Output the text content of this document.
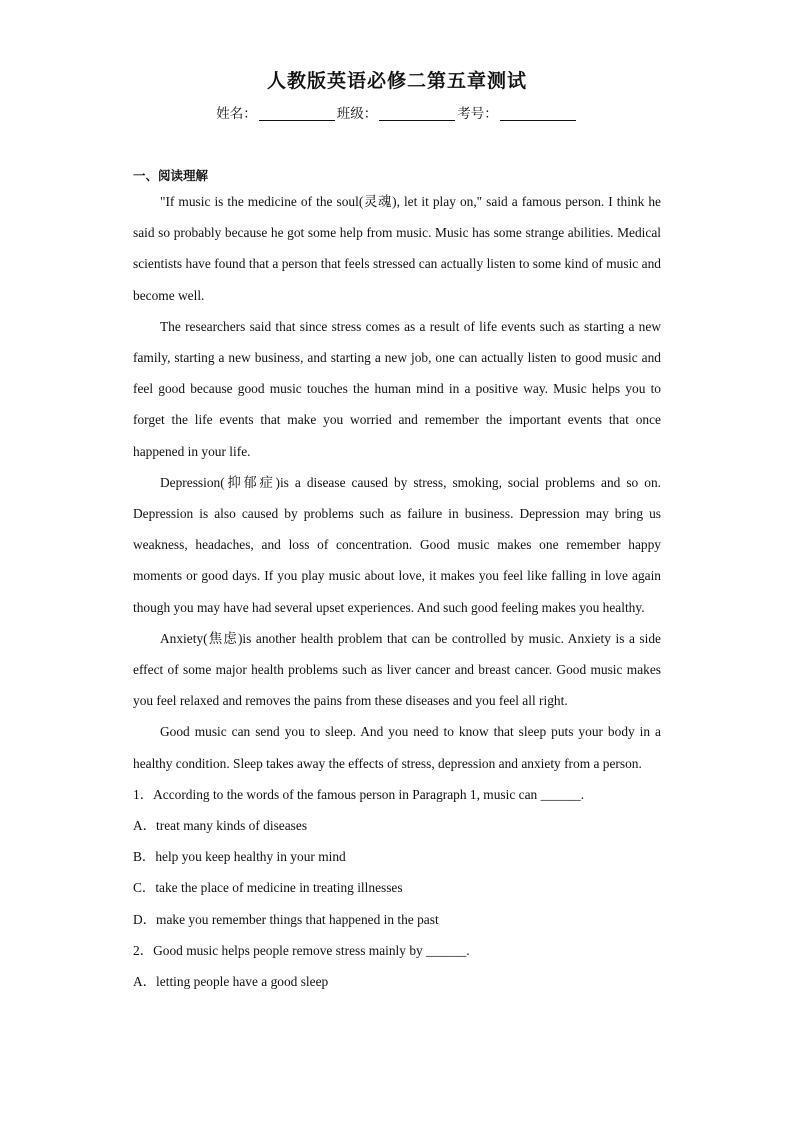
人教版英语必修二第五章测试
姓名：	班级：	考号：
一、阅读理解

"If music is the medicine of the soul(灵魂), let it play on," said a famous person. I think he said so probably because he got some help from music. Music has some strange abilities. Medical scientists have found that a person that feels stressed can actually listen to some kind of music and become well.

The researchers said that since stress comes as a result of life events such as starting a new family, starting a new business, and starting a new job, one can actually listen to good music and feel good because good music touches the human mind in a positive way. Music helps you to forget the life events that make you worried and remember the important events that once happened in your life.

Depression(抑郁症)is a disease caused by stress, smoking, social problems and so on. Depression is also caused by problems such as failure in business. Depression may bring us weakness, headaches, and loss of concentration. Good music makes one remember happy moments or good days. If you play music about love, it makes you feel like falling in love again though you may have had several upset experiences. And such good feeling makes you healthy.

Anxiety(焦虑)is another health problem that can be controlled by music. Anxiety is a side effect of some major health problems such as liver cancer and breast cancer. Good music makes you feel relaxed and removes the pains from these diseases and you feel all right.

Good music can send you to sleep. And you need to know that sleep puts your body in a healthy condition. Sleep takes away the effects of stress, depression and anxiety from a person.

1．According to the words of the famous person in Paragraph 1, music can ______.

A．treat many kinds of diseases

B．help you keep healthy in your mind

C．take the place of medicine in treating illnesses

D．make you remember things that happened in the past

2．Good music helps people remove stress mainly by ______.

A．letting people have a good sleep
